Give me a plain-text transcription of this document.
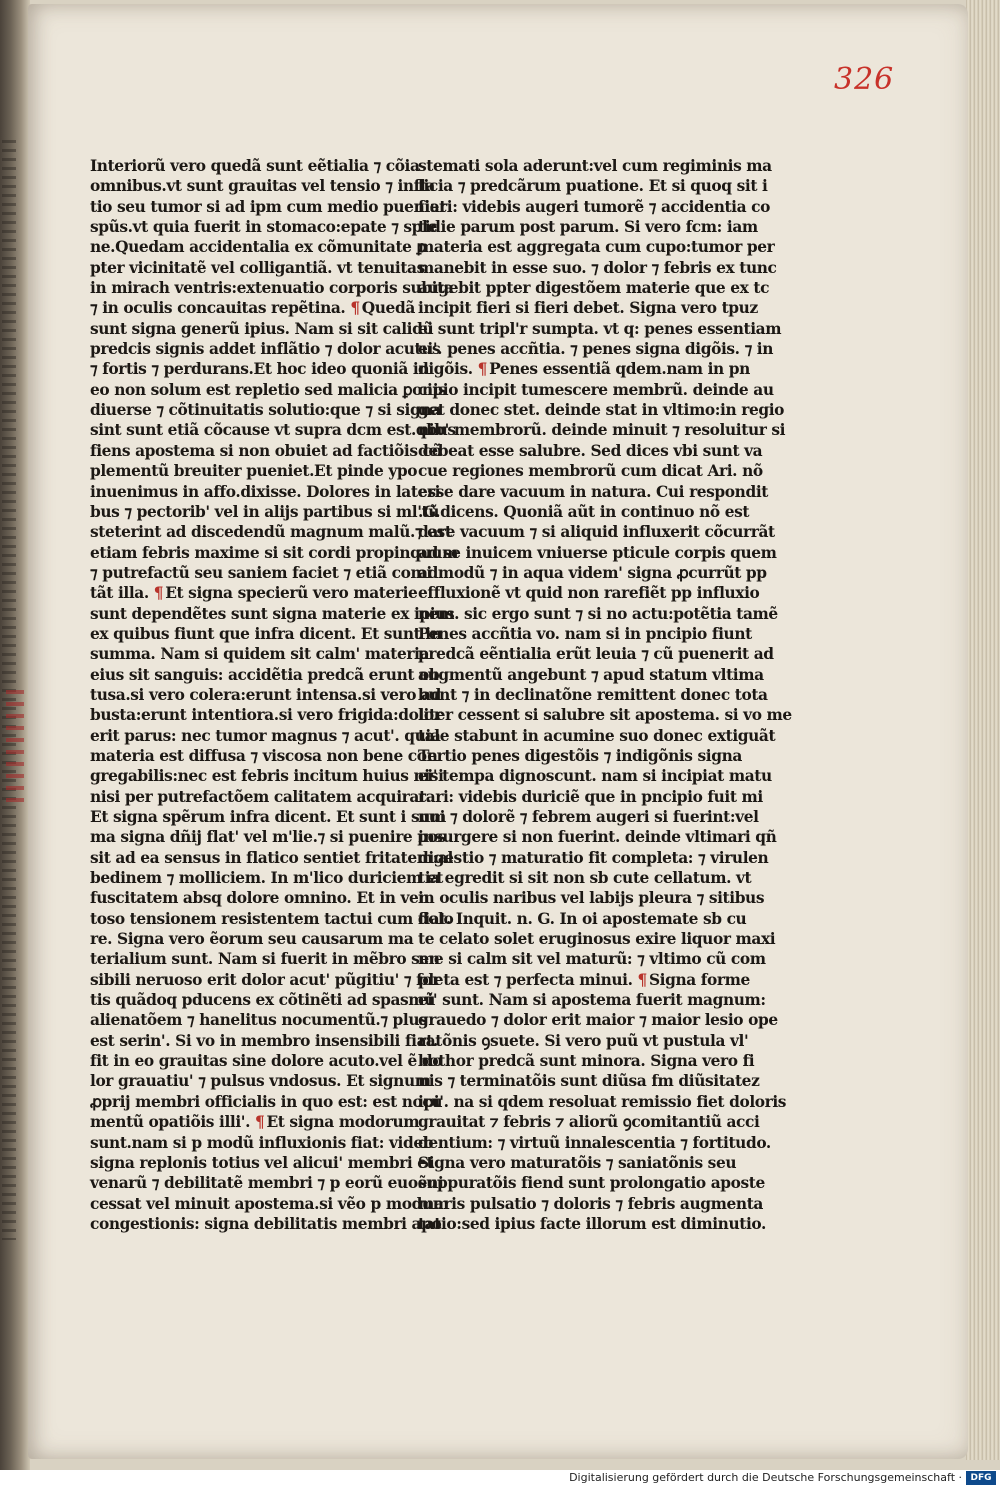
326
Interiorũ vero quedã sunt eẽtialia ⁊ cõia
omnibus.vt sunt grauitas vel tensio ⁊ infla
tio seu tumor si ad ipm cum medio pueniat
spũs.vt quia fuerit in stomaco:epate ⁊ sple
ne.Quedam accidentalia ex cõmunitate ꝑ
pter vicinitatẽ vel colligantiã. vt tenuitas
in mirach ventris:extenuatio corporis subita
⁊ in oculis concauitas repẽtina. ¶ Quedã
sunt signa generũ ipius. Nam si sit calidũ
predcis signis addet inflãtio ⁊ dolor acutus
⁊ fortis ⁊ perdurans.Et hoc ideo quoniã in
eo non solum est repletio sed malicia ꝑonis
diuerse ⁊ cõtinuitatis solutio:que ⁊ si signa
sint sunt etiã cõcause vt supra dcm est.qbus
fiens apostema si non obuiet ad factiõis cõ
plementũ breuiter pueniet.Et pinde ypo
inuenimus in affo.dixisse. Dolores in lateri
bus ⁊ pectorib' vel in alijs partibus si ml'tũ
steterint ad discedendũ magnum malũ.⁊ est
etiam febris maxime si sit cordi propinquum
⁊ putrefactũ seu saniem faciet ⁊ etiã comi
tãt illa. ¶ Et signa specierũ vero materie
sunt dependẽtes sunt signa materie ex ipius
ex quibus fiunt que infra dicent. Et sunt in
summa. Nam si quidem sit calm' materia
eius sit sanguis: accidẽtia predcã erunt ob
tusa.si vero colera:erunt intensa.si vero ad
busta:erunt intentiora.si vero frigida:dolor
erit parus: nec tumor magnus ⁊ acut'. quia
materia est diffusa ⁊ viscosa non bene con
gregabilis:nec est febris incitum huius nisi
nisi per putrefactõem calitatem acquirat.
Et signa spẽrum infra dicent. Et sunt i sum
ma signa dñij flat' vel m'lie.⁊ si puenire pos
sit ad ea sensus in flatico sentiet fritatem:al
bedinem ⁊ molliciem. In m'lico duriciem et
fuscitatem absq dolore omnino. Et in ven
toso tensionem resistentem tactui cum dolo
re. Signa vero ẽorum seu causarum ma
terialium sunt. Nam si fuerit in mẽbro sen
sibili neruoso erit dolor acut' pũgitiu' ⁊ for
tis quãdoq pducens ex cõtinẽti ad spasmũ
alienatõem ⁊ hanelitus nocumentũ.⁊ plus
est serin'. Si vo in membro insensibili fiat.
fit in eo grauitas sine dolore acuto.vel ẽ do
lor grauatiu' ⁊ pulsus vndosus. Et signum
ꝓprij membri officialis in quo est: est nocu
mentũ opatiõis illi'. ¶ Et signa modorum
sunt.nam si p modũ influxionis fiat: videb
signa replonis totius vel alicui' membri et
venarũ ⁊ debilitatẽ membri ⁊ p eorũ euoẽni
cessat vel minuit apostema.si vẽo p modum
congestionis: signa debilitatis membri apo
stemati sola aderunt:vel cum regiminis ma
licia ⁊ predcãrum puatione. Et si quoq sit i
fieri: videbis augeri tumorẽ ⁊ accidentia co
tidie parum post parum. Si vero fcm: iam
materia est aggregata cum cupo:tumor per
manebit in esse suo. ⁊ dolor ⁊ febris ex tunc
augebit ppter digestõem materie que ex tc
incipit fieri si fieri debet. Signa vero tpuz
ei sunt tripl'r sumpta. vt q: penes essentiam
ei'. penes accñtia. ⁊ penes signa digõis. ⁊ in
digõis. ¶ Penes essentiã qdem.nam in pn
cipio incipit tumescere membrũ. deinde au
get donec stet. deinde stat in vltimo:in regio
nib' membrorũ. deinde minuit ⁊ resoluitur si
debeat esse salubre. Sed dices vbi sunt va
cue regiones membrorũ cum dicat Ari. nõ
esse dare vacuum in natura. Cui respondit
.G.dicens. Quoniã aũt in continuo nõ est
dare vacuum ⁊ si aliquid influxerit cõcurrãt
ad se inuicem vniuerse pticule corpis quem
admodũ ⁊ in aqua videm' signa ꝓcurrũt pp
effluxionẽ vt quid non rarefiẽt pp influxio
nem. sic ergo sunt ⁊ si no actu:potẽtia tamẽ
Penes accñtia vo. nam si in pncipio fiunt
predcã eẽntialia erũt leuia ⁊ cũ puenerit ad
augmentũ angebunt ⁊ apud statum vltima
bunt ⁊ in declinatõne remittent donec tota
liter cessent si salubre sit apostema. si vo me
tale stabunt in acumine suo donec extiguãt
Tertio penes digestõis ⁊ indigõnis signa
ei' tempa dignoscunt. nam si incipiat matu
rari: videbis duriciẽ que in pncipio fuit mi
nui ⁊ dolorẽ ⁊ febrem augeri si fuerint:vel
insurgere si non fuerint. deinde vltimari qñ
digestio ⁊ maturatio fit completa: ⁊ virulen
tia egredit si sit non sb cute cellatum. vt
in oculis naribus vel labijs pleura ⁊ sitibus
fiat. Inquit. n. G. In oi apostemate sb cu
te celato solet eruginosus exire liquor maxi
me si calm sit vel maturũ: ⁊ vltimo cũ com
pleta est ⁊ perfecta minui. ¶ Signa forme
ei' sunt. Nam si apostema fuerit magnum:
grauedo ⁊ dolor erit maior ⁊ maior lesio ope
ratõnis ꝯsuete. Si vero puũ vt pustula vl'
bothor predcã sunt minora. Signa vero fi
nis ⁊ terminatõis sunt diũsa fm diũsitatez
ipi'. na si qdem resoluat remissio fiet doloris
grauitat ⁊ febris ⁊ aliorũ ꝯcomitantiũ acci
dentium: ⁊ virtuũ innalescentia ⁊ fortitudo.
Signa vero maturatõis ⁊ saniatõnis seu
suppuratõis fiend sunt prolongatio aposte
maris pulsatio ⁊ doloris ⁊ febris augmenta
tatio:sed ipius facte illorum est diminutio.
Digitalisierung gefördert durch die Deutsche Forschungsgemeinschaft · DFG
